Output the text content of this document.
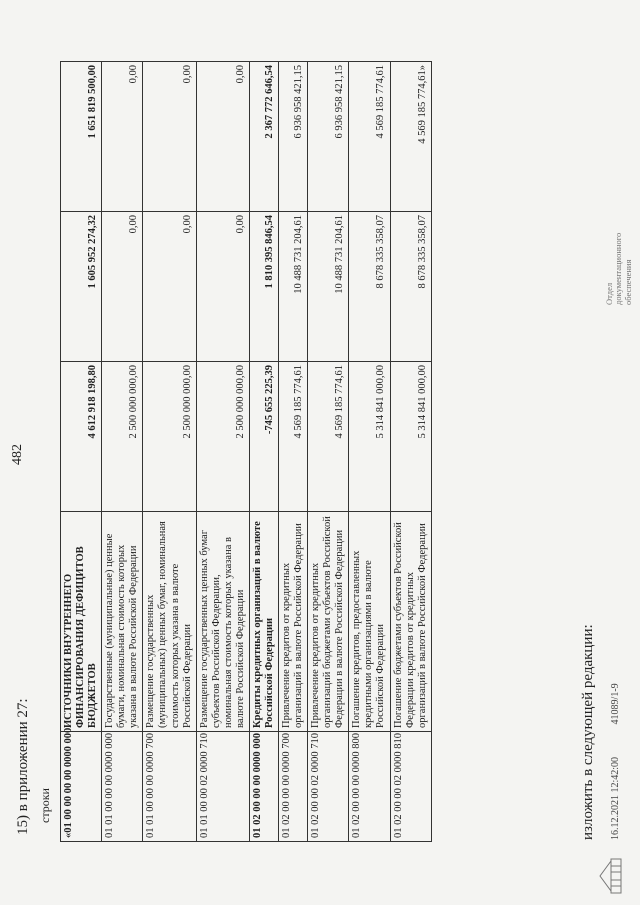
482
15) в приложении 27: строки «01 00 00 00 00 0000 000	ИСТОЧНИКИ ВНУТРЕННЕГО ФИНАНСИРОВАНИЯ ДЕФИЦИТОВ БЮДЖЕТОВ	4 612 918 198,80	1 605 952 274,32	1 651 819 500,00
01 01 00 00 00 0000 000	Государственные (муниципальные) ценные бумаги, номинальная стоимость которых указана в валюте Российской Федерации	2 500 000 000,00	0,00	0,00
01 01 00 00 00 0000 700	Размещение государственных (муниципальных) ценных бумаг, номинальная стоимость которых указана в валюте Российской Федерации	2 500 000 000,00	0,00	0,00
01 01 00 00 02 0000 710	Размещение государственных ценных бумаг субъектов Российской Федерации, номинальная стоимость которых указана в валюте Российской Федерации	2 500 000 000,00	0,00	0,00
01 02 00 00 00 0000 000	Кредиты кредитных организаций в валюте Российской Федерации	-745 655 225,39	1 810 395 846,54	2 367 772 646,54
01 02 00 00 00 0000 700	Привлечение кредитов от кредитных организаций в валюте Российской Федерации	4 569 185 774,61	10 488 731 204,61	6 936 958 421,15
01 02 00 00 02 0000 710	Привлечение кредитов от кредитных организаций бюджетами субъектов Российской Федерации в валюте Российской Федерации	4 569 185 774,61	10 488 731 204,61	6 936 958 421,15
01 02 00 00 00 0000 800	Погашение кредитов, предоставленных кредитными организациями в валюте Российской Федерации	5 314 841 000,00	8 678 335 358,07	4 569 185 774,61
01 02 00 00 02 0000 810	Погашение бюджетами субъектов Российской Федерации кредитов от кредитных организаций в валюте Российской Федерации	5 314 841 000,00	8 678 335 358,07	4 569 185 774,61»
изложить в следующей редакции: 16.12.2021 12:42:00 41089/1-9
Отдел документационного обеспечения
